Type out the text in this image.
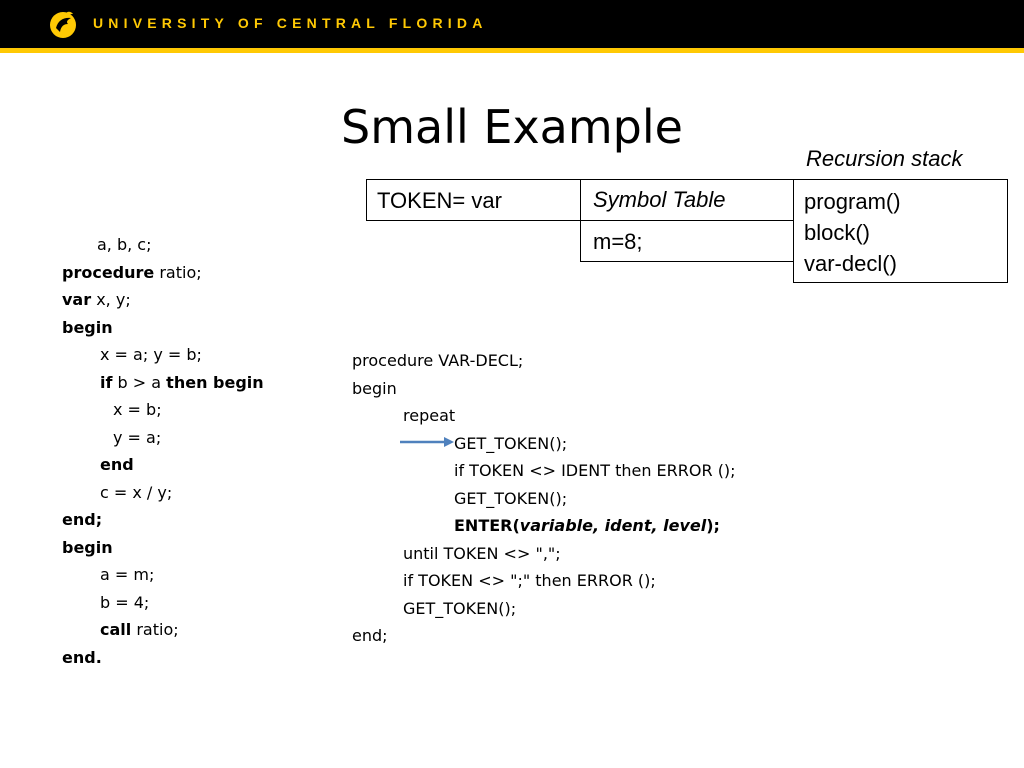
UNIVERSITY OF CENTRAL FLORIDA
Small Example
Recursion stack
TOKEN= var	Symbol Table
m=8;
program()
block()
var-decl()
a, b, c;
procedure ratio;
var x, y;
begin
x = a; y = b;
if b > a then begin
x = b;
y = a;
end
c = x / y;
end;
begin
a = m;
b = 4;
call ratio;
end.
procedure VAR-DECL;
begin
repeat
GET_TOKEN();
if TOKEN <> IDENT then ERROR ();
GET_TOKEN();
ENTER(variable, ident, level);
until TOKEN <> ",";
if TOKEN <> ";" then ERROR ();
GET_TOKEN();
end;
